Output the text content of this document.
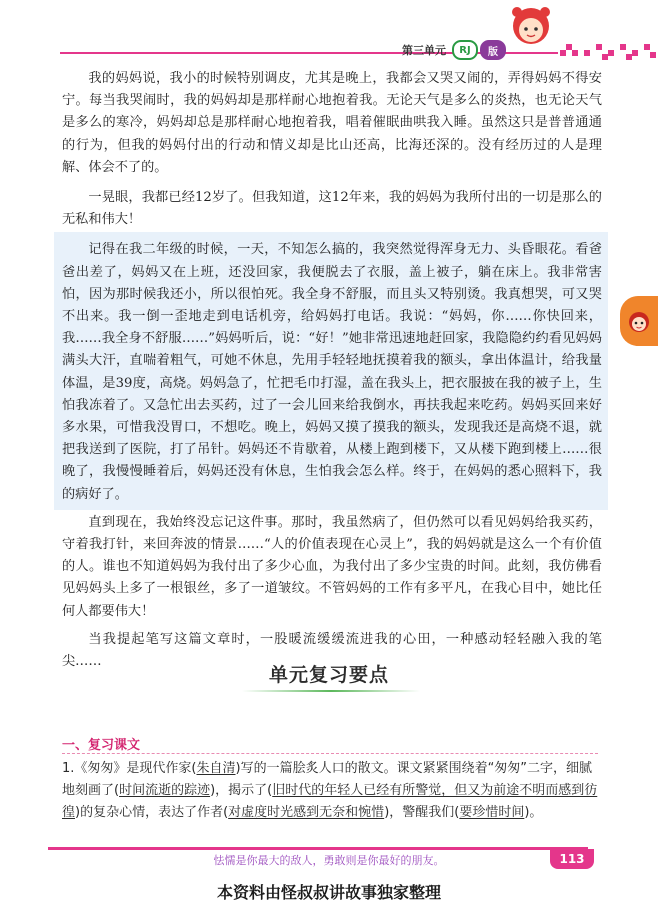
第三单元	RJ	版

我的妈妈说，我小的时候特别调皮，尤其是晚上，我都会又哭又闹的，弄得妈妈不得安宁。每当我哭闹时，我的妈妈却是那样耐心地抱着我。无论天气是多么的炎热，也无论天气是多么的寒冷，妈妈却总是那样耐心地抱着我，唱着催眠曲哄我入睡。虽然这只是普普通通的行为，但我的妈妈付出的行动和情义却是比山还高，比海还深的。没有经历过的人是理解、体会不了的。

一晃眼，我都已经12岁了。但我知道，这12年来，我的妈妈为我所付出的一切是那么的无私和伟大！

记得在我二年级的时候，一天，不知怎么搞的，我突然觉得浑身无力、头昏眼花。看爸爸出差了，妈妈又在上班，还没回家，我便脱去了衣服，盖上被子，躺在床上。我非常害怕，因为那时候我还小，所以很怕死。我全身不舒服，而且头又特别烫。我真想哭，可又哭不出来。我一倒一歪地走到电话机旁，给妈妈打电话。我说：“妈妈，你……你快回来，我……我全身不舒服……”妈妈听后，说：“好！”她非常迅速地赶回家，我隐隐约约看见妈妈满头大汗，直喘着粗气，可她不休息，先用手轻轻地抚摸着我的额头，拿出体温计，给我量体温，是39度，高烧。妈妈急了，忙把毛巾打湿，盖在我头上，把衣服披在我的被子上，生怕我冻着了。又急忙出去买药，过了一会儿回来给我倒水，再扶我起来吃药。妈妈买回来好多水果，可惜我没胃口，不想吃。晚上，妈妈又摸了摸我的额头，发现我还是高烧不退，就把我送到了医院，打了吊针。妈妈还不肯歇着，从楼上跑到楼下，又从楼下跑到楼上……很晚了，我慢慢睡着后，妈妈还没有休息，生怕我会怎么样。终于，在妈妈的悉心照料下，我的病好了。

直到现在，我始终没忘记这件事。那时，我虽然病了，但仍然可以看见妈妈给我买药，守着我打针，来回奔波的情景……“人的价值表现在心灵上”，我的妈妈就是这么一个有价值的人。谁也不知道妈妈为我付出了多少心血，为我付出了多少宝贵的时间。此刻，我仿佛看见妈妈头上多了一根银丝，多了一道皱纹。不管妈妈的工作有多平凡，在我心目中，她比任何人都要伟大！

当我提起笔写这篇文章时，一股暖流缓缓流进我的心田，一种感动轻轻融入我的笔尖……

单元复习要点
一、复习课文
1.《匆匆》是现代作家(朱自清)写的一篇脍炙人口的散文。课文紧紧围绕着“匆匆”二字，细腻地刻画了(时间流逝的踪迹)，揭示了(旧时代的年轻人已经有所警觉，但又为前途不明而感到彷徨)的复杂心情，表达了作者(对虚度时光感到无奈和惋惜)，警醒我们(要珍惜时间)。
怯懦是你最大的敌人，勇敢则是你最好的朋友。	113
本资料由怪叔叔讲故事独家整理
